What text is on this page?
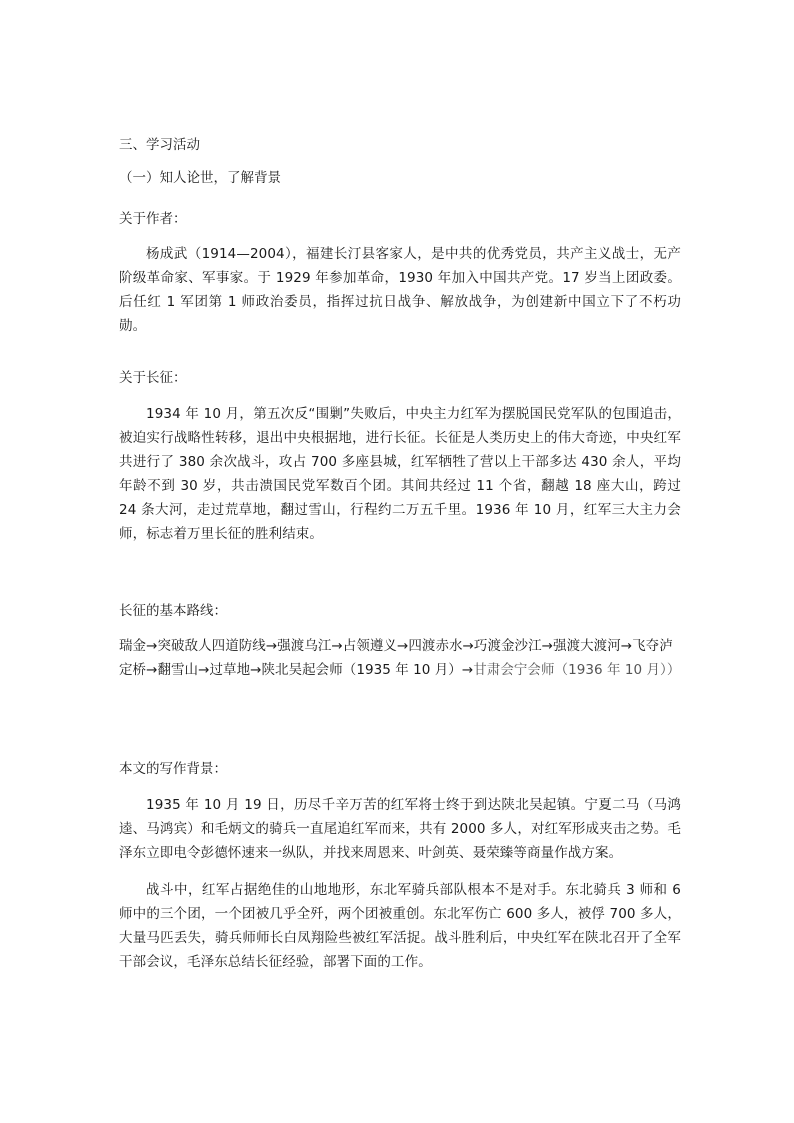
三、学习活动

（一）知人论世，了解背景

关于作者：

杨成武（1914—2004），福建长汀县客家人，是中共的优秀党员，共产主义战士，无产阶级革命家、军事家。于 1929 年参加革命，1930 年加入中国共产党。17 岁当上团政委。后任红 1 军团第 1 师政治委员，指挥过抗日战争、解放战争，为创建新中国立下了不朽功勋。

关于长征：

1934 年 10 月，第五次反“围剿”失败后，中央主力红军为摆脱国民党军队的包围追击，被迫实行战略性转移，退出中央根据地，进行长征。长征是人类历史上的伟大奇迹，中央红军共进行了 380 余次战斗，攻占 700 多座县城，红军牺牲了营以上干部多达 430 余人，平均年龄不到 30 岁，共击溃国民党军数百个团。其间共经过 11 个省，翻越 18 座大山，跨过 24 条大河，走过荒草地，翻过雪山，行程约二万五千里。1936 年 10 月，红军三大主力会师，标志着万里长征的胜利结束。

长征的基本路线：

瑞金→突破敌人四道防线→强渡乌江→占领遵义→四渡赤水→巧渡金沙江→强渡大渡河→飞夺泸定桥→翻雪山→过草地→陕北吴起会师（1935 年 10 月）→甘肃会宁会师（1936 年 10 月））

本文的写作背景：

1935 年 10 月 19 日，历尽千辛万苦的红军将士终于到达陕北吴起镇。宁夏二马（马鸿逵、马鸿宾）和毛炳文的骑兵一直尾追红军而来，共有 2000 多人，对红军形成夹击之势。毛泽东立即电令彭德怀速来一纵队，并找来周恩来、叶剑英、聂荣臻等商量作战方案。

战斗中，红军占据绝佳的山地地形，东北军骑兵部队根本不是对手。东北骑兵 3 师和 6 师中的三个团，一个团被几乎全歼，两个团被重创。东北军伤亡 600 多人，被俘 700 多人，大量马匹丢失，骑兵师师长白凤翔险些被红军活捉。战斗胜利后，中央红军在陕北召开了全军干部会议，毛泽东总结长征经验，部署下面的工作。
